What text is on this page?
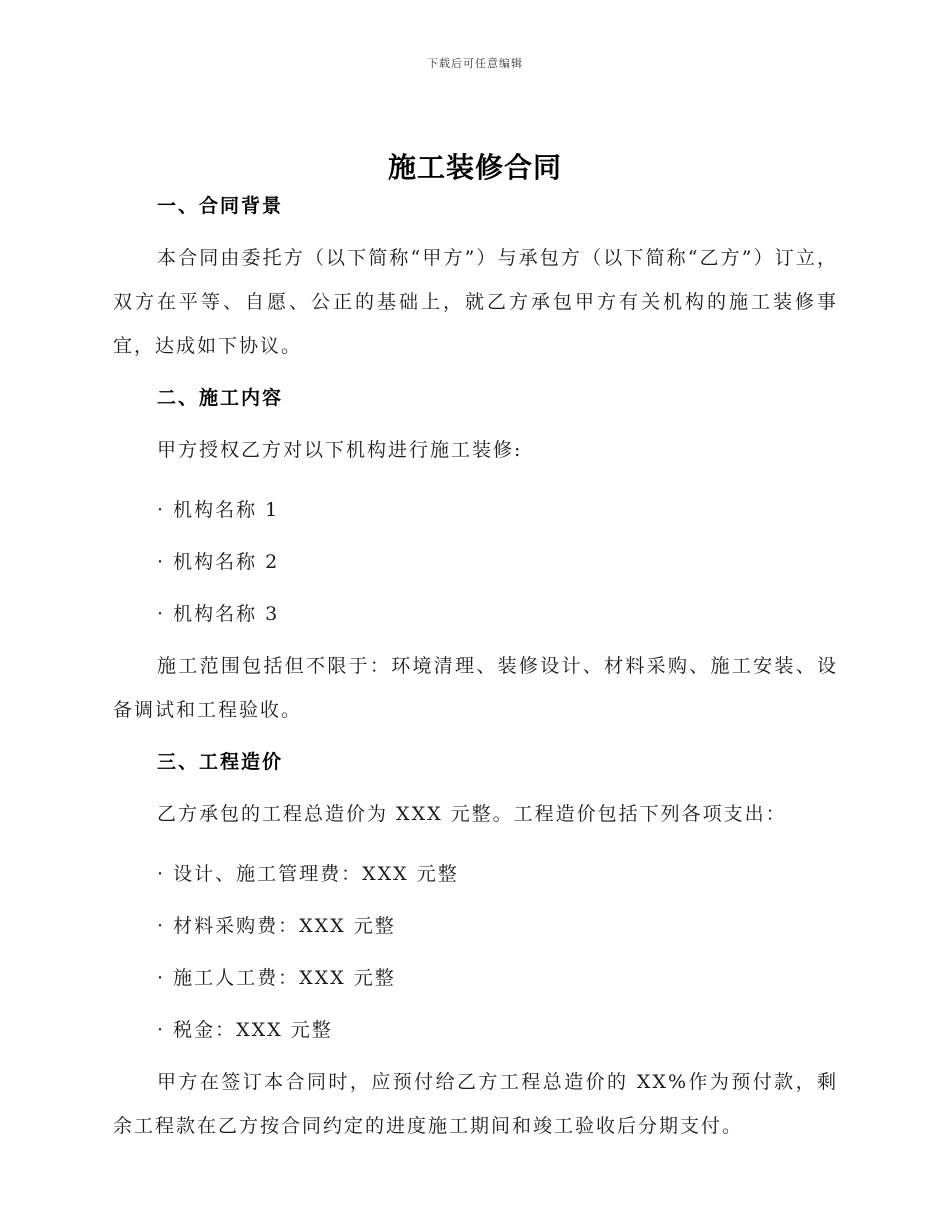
下载后可任意编辑
施工装修合同
一、合同背景

本合同由委托方（以下简称“甲方”）与承包方（以下简称“乙方”）订立，双方在平等、自愿、公正的基础上，就乙方承包甲方有关机构的施工装修事宜，达成如下协议。

二、施工内容

甲方授权乙方对以下机构进行施工装修:

· 机构名称 1

· 机构名称 2

· 机构名称 3

施工范围包括但不限于：环境清理、装修设计、材料采购、施工安装、设备调试和工程验收。

三、工程造价

乙方承包的工程总造价为 XXX 元整。工程造价包括下列各项支出：

· 设计、施工管理费：XXX 元整

· 材料采购费：XXX 元整

· 施工人工费：XXX 元整

· 税金：XXX 元整

甲方在签订本合同时，应预付给乙方工程总造价的 XX%作为预付款，剩余工程款在乙方按合同约定的进度施工期间和竣工验收后分期支付。
